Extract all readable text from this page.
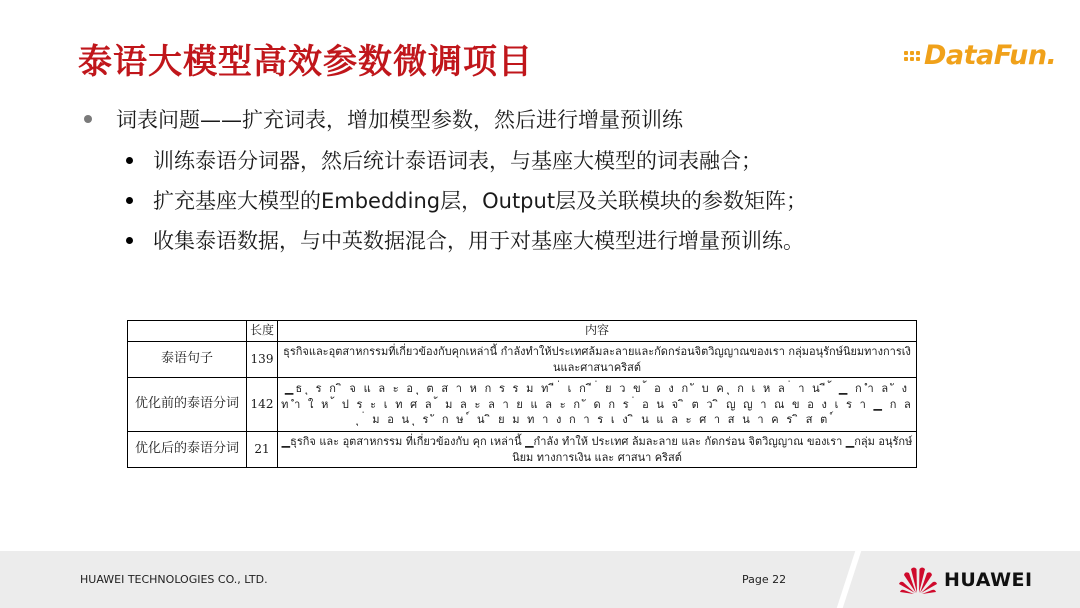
泰语大模型高效参数微调项目	DataFun.
词表问题——扩充词表，增加模型参数，然后进行增量预训练
训练泰语分词器，然后统计泰语词表，与基座大模型的词表融合；
扩充基座大模型的Embedding层，Output层及关联模块的参数矩阵；
收集泰语数据，与中英数据混合，用于对基座大模型进行增量预训练。
	长度	内容
泰语句子	139	ธุรกิจและอุตสาหกรรมที่เกี่ยวข้องกับคุกเหล่านี้ กำลังทำให้ประเทศล้มละลายและกัดกร่อนจิตวิญญาณของเรา กลุ่มอนุรักษ์นิยมทางการเงินและศาสนาคริสต์
优化前的泰语分词	142	▁ธ ุ ร ก ิ จ แ ล ะ อ ุ ต ส า ห ก ร ร ม ท ี ่ เ ก ี ่ ย ว ข ้ อ ง ก ั บ ค ุ ก เ ห ล ่ า น ี ้ ▁ ก ำ ล ั ง ท ำ ใ ห ้ ป ร ะ เ ท ศ ล ้ ม ล ะ ล า ย แ ล ะ ก ั ด ก ร ่ อ น จ ิ ต ว ิ ญ ญ า ณ ข อ ง เ ร า ▁ ก ล ุ ่ ม อ น ุ ร ั ก ษ ์ น ิ ย ม ท า ง ก า ร เ ง ิ น แ ล ะ ศ า ส น า ค ร ิ ส ต ์
优化后的泰语分词	21	▁ธุรกิจ และ อุตสาหกรรม ที่เกี่ยวข้องกับ คุก เหล่านี้ ▁กำลัง ทำให้ ประเทศ ล้มละลาย และ กัดกร่อน จิตวิญญาณ ของเรา ▁กลุ่ม อนุรักษ์ นิยม ทางการเงิน และ ศาสนา คริสต์
HUAWEI TECHNOLOGIES CO., LTD.	Page 22	HUAWEI
